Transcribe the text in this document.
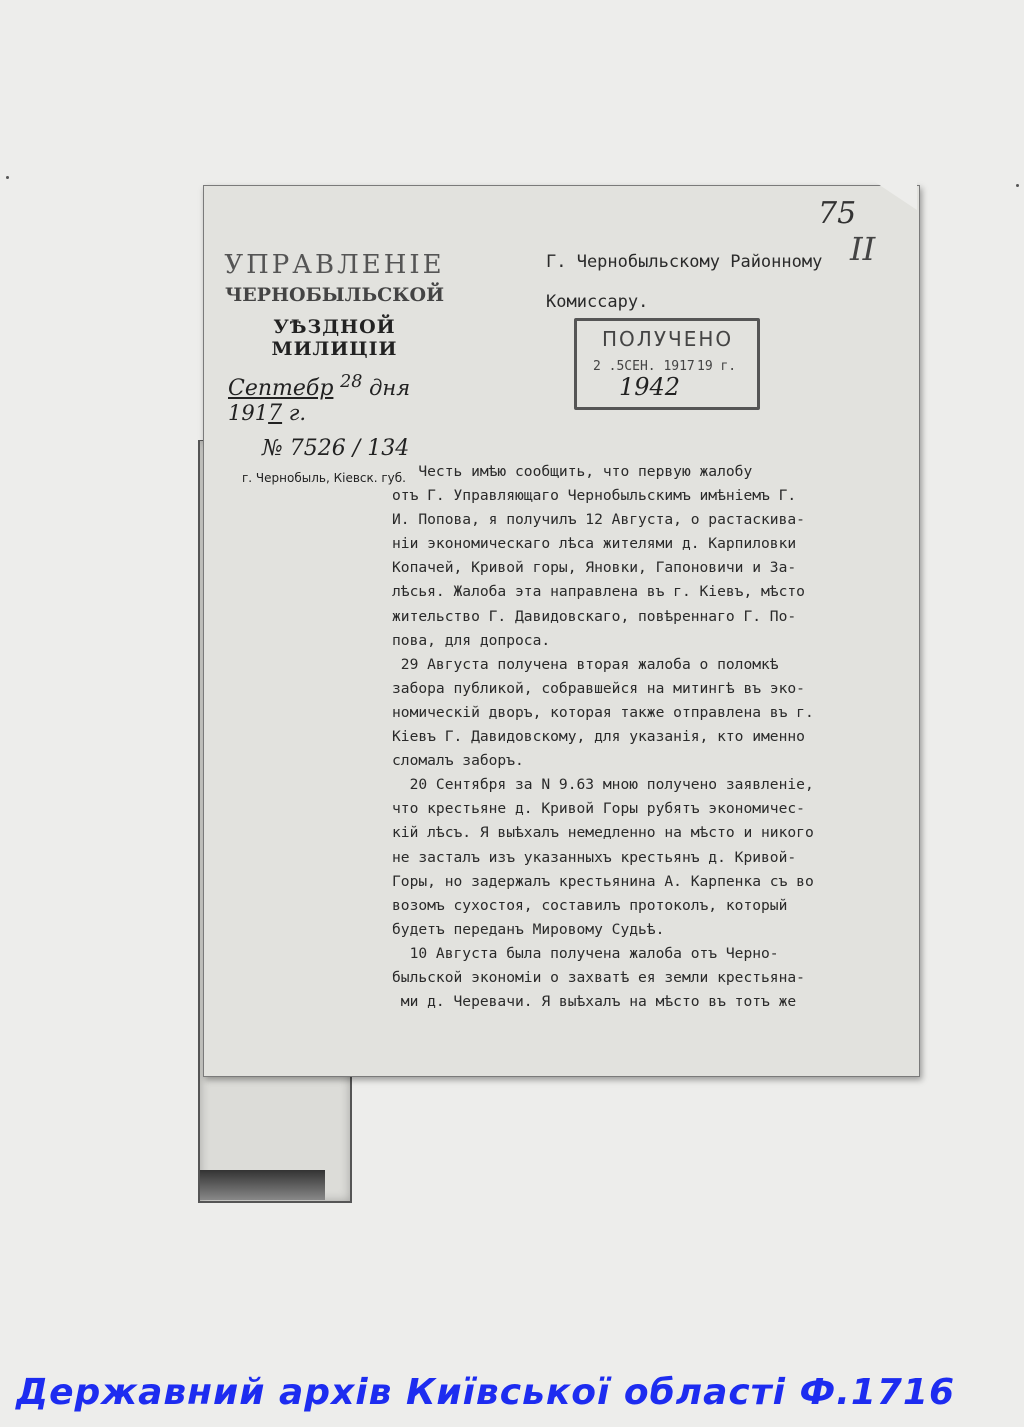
УПРАВЛЕНІЕ
ЧЕРНОБЫЛЬСКОЙ
УѢЗДНОЙ МИЛИЦІИ
Септебр $^{28}$ дня 1917 г.
№ 7526 / 134
г. Чернобыль, Кіевск. губ.
75
II
Г. Чернобыльскому Районному
Комиссару.
ПОЛУЧЕНО
2 .5СЕН. 1917 19 г.
1942
Честь имѣю сообщить, что первую жалобу
отъ Г. Управляющаго Чернобыльскимъ имѣніемъ Г.
И. Попова, я получилъ 12 Августа, о растаскива-
ніи экономическаго лѣса жителями д. Карпиловки
Копачей, Кривой горы, Яновки, Гапоновичи и За-
лѣсья. Жалоба эта направлена въ г. Кіевъ, мѣсто
жительство Г. Давидовскаго, повѣреннаго Г. По-
пова, для допроса.
29 Августа получена вторая жалоба о поломкѣ
забора публикой, собравшейся на митингѣ въ эко-
номическій дворъ, которая также отправлена въ г.
Кіевъ Г. Давидовскому, для указанія, кто именно
сломалъ заборъ.
20 Сентября за N 9.63 мною получено заявленіе,
что крестьяне д. Кривой Горы рубятъ экономичес-
кій лѣсъ. Я выѣхалъ немедленно на мѣсто и никого
не засталъ изъ указанныхъ крестьянъ д. Кривой-
Горы, но задержалъ крестьянина А. Карпенка съ во
возомъ сухостоя, составилъ протоколъ, который
будетъ переданъ Мировому Судьѣ.
10 Августа была получена жалоба отъ Черно-
быльской экономіи о захватѣ ея земли крестьяна-
ми д. Черевачи. Я выѣхалъ на мѣсто въ тотъ же
Державний архів Київської області Ф.1716
